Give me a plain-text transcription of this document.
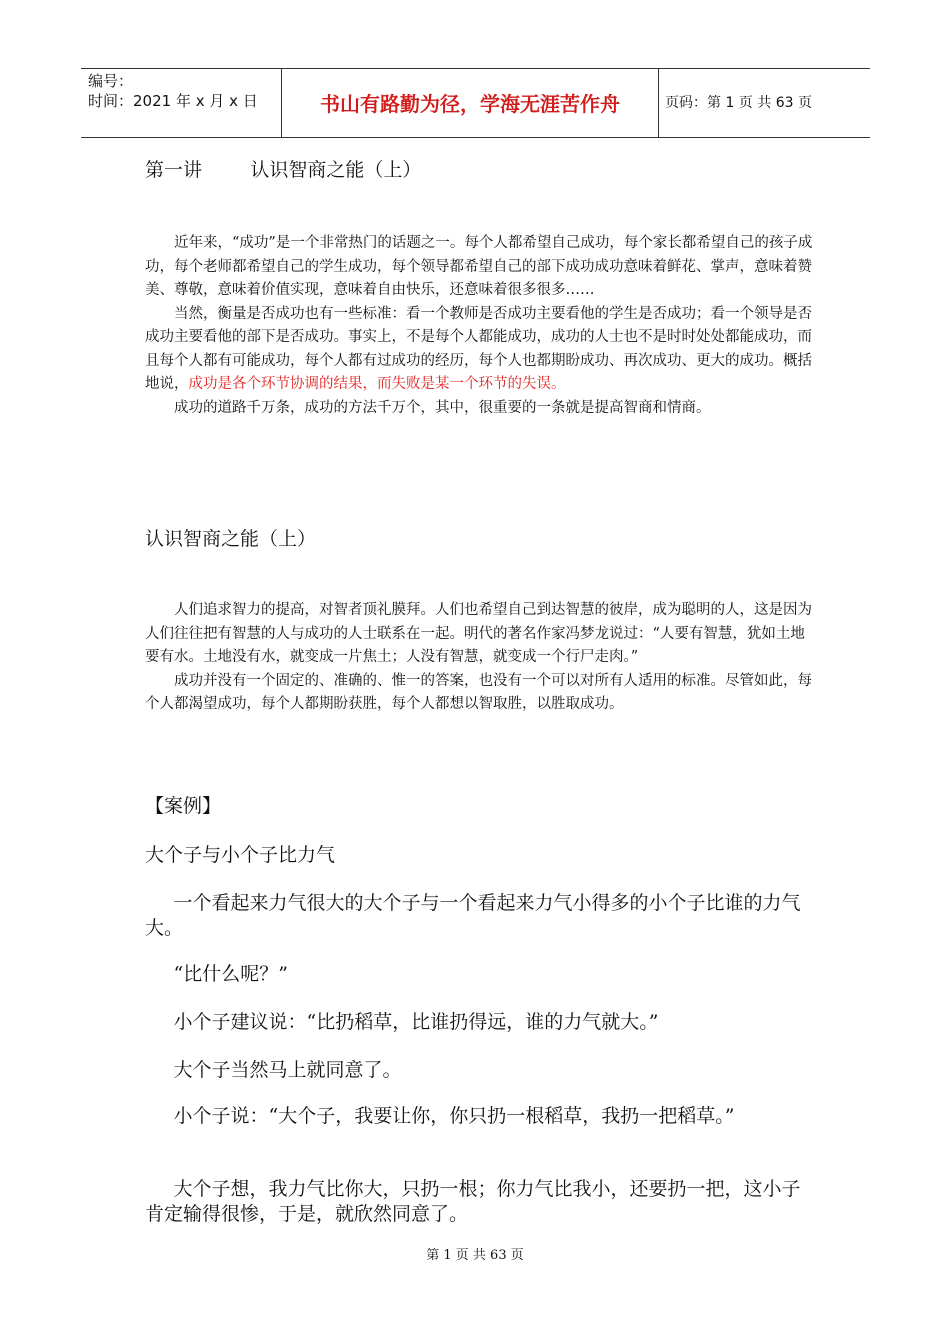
编号：
时间：2021 年 x 月 x 日	书山有路勤为径，学海无涯苦作舟	页码：第 1 页 共 63 页
第一讲        认识智商之能（上）

近年来，“成功”是一个非常热门的话题之一。每个人都希望自己成功，每个家长都希望自己的孩子成功，每个老师都希望自己的学生成功，每个领导都希望自己的部下成功成功意味着鲜花、掌声，意味着赞美、尊敬，意味着价值实现，意味着自由快乐，还意味着很多很多……

当然，衡量是否成功也有一些标准：看一个教师是否成功主要看他的学生是否成功；看一个领导是否成功主要看他的部下是否成功。事实上，不是每个人都能成功，成功的人士也不是时时处处都能成功，而且每个人都有可能成功，每个人都有过成功的经历，每个人也都期盼成功、再次成功、更大的成功。概括地说，成功是各个环节协调的结果，而失败是某一个环节的失误。

成功的道路千万条，成功的方法千万个，其中，很重要的一条就是提高智商和情商。

认识智商之能（上）

人们追求智力的提高，对智者顶礼膜拜。人们也希望自己到达智慧的彼岸，成为聪明的人，这是因为人们往往把有智慧的人与成功的人士联系在一起。明代的著名作家冯梦龙说过：“人要有智慧，犹如土地要有水。土地没有水，就变成一片焦土；人没有智慧，就变成一个行尸走肉。”

成功并没有一个固定的、准确的、惟一的答案，也没有一个可以对所有人适用的标准。尽管如此，每个人都渴望成功，每个人都期盼获胜，每个人都想以智取胜，以胜取成功。

【案例】
大个子与小个子比力气

一个看起来力气很大的大个子与一个看起来力气小得多的小个子比谁的力气大。

“比什么呢？”

小个子建议说：“比扔稻草，比谁扔得远，谁的力气就大。”

大个子当然马上就同意了。

小个子说：“大个子，我要让你，你只扔一根稻草，我扔一把稻草。”

大个子想，我力气比你大，只扔一根；你力气比我小，还要扔一把，这小子肯定输得很惨，于是，就欣然同意了。

第 1 页 共 63 页
